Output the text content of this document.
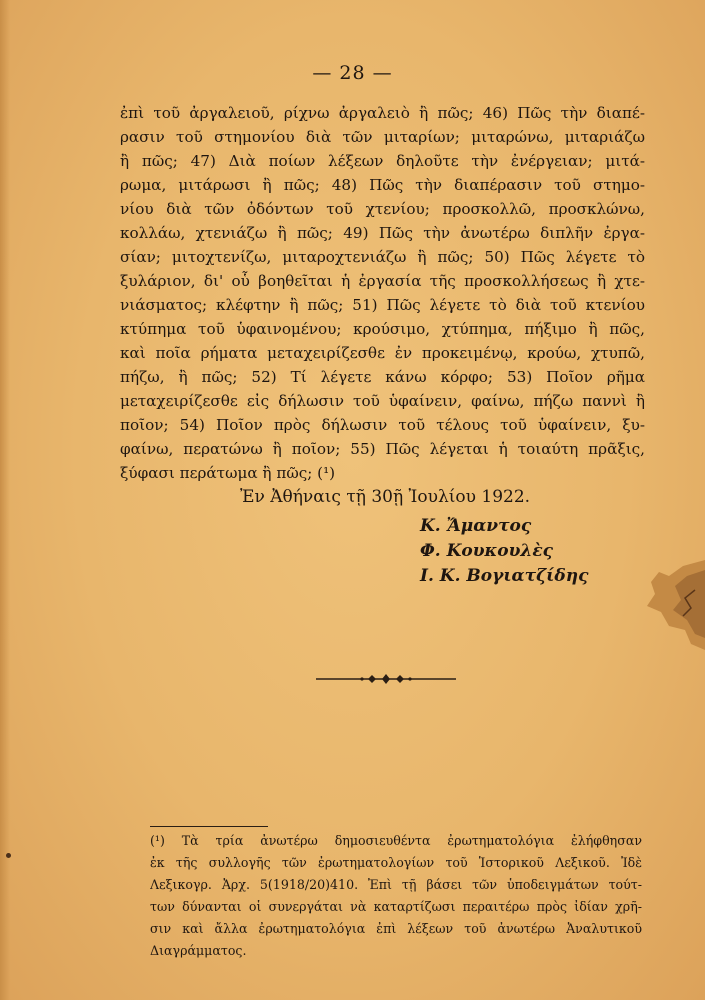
— 28 —
ἐπὶ τοῦ ἀργαλειοῦ, ρίχνω ἀργαλειὸ ἢ πῶς; 46) Πῶς τὴν διαπέ-
ρασιν τοῦ στημονίου διὰ τῶν μιταρίων; μιταρώνω, μιταριάζω
ἢ πῶς; 47) Διὰ ποίων λέξεων δηλοῦτε τὴν ἐνέργειαν; μιτά-
ρωμα, μιτάρωσι ἢ πῶς; 48) Πῶς τὴν διαπέρασιν τοῦ στημο-
νίου διὰ τῶν ὀδόντων τοῦ χτενίου; προσκολλῶ, προσκλώνω,
κολλάω, χτενιάζω ἢ πῶς; 49) Πῶς τὴν ἀνωτέρω διπλῆν ἐργα-
σίαν; μιτοχτενίζω, μιταροχτενιάζω ἢ πῶς; 50) Πῶς λέγετε τὸ
ξυλάριον, δι' οὗ βοηθεῖται ἡ ἐργασία τῆς προσκολλήσεως ἢ χτε-
νιάσματος; κλέφτην ἢ πῶς; 51) Πῶς λέγετε τὸ διὰ τοῦ κτενίου
κτύπημα τοῦ ὑφαινομένου; κρούσιμο, χτύπημα, πήξιμο ἢ πῶς,
καὶ ποῖα ρήματα μεταχειρίζεσθε ἐν προκειμένῳ, κρούω, χτυπῶ,
πήζω, ἢ πῶς; 52) Τί λέγετε κάνω κόρφο; 53) Ποῖον ρῆμα
μεταχειρίζεσθε εἰς δήλωσιν τοῦ ὑφαίνειν, φαίνω, πήζω παννὶ ἢ
ποῖον; 54) Ποῖον πρὸς δήλωσιν τοῦ τέλους τοῦ ὑφαίνειν, ξυ-
φαίνω, περατώνω ἢ ποῖον; 55) Πῶς λέγεται ἡ τοιαύτη πρᾶξις,
ξύφασι περάτωμα ἢ πῶς; (¹)
Ἐν Ἀθήναις τῇ 30ῇ Ἰουλίου 1922.
Κ. Ἄμαντος
Φ. Κουκουλὲς
Ι. Κ. Βογιατζίδης
(¹) Τὰ τρία ἀνωτέρω δημοσιευθέντα ἐρωτηματολόγια ἐλήφθησαν
ἐκ τῆς συλλογῆς τῶν ἐρωτηματολογίων τοῦ Ἱστορικοῦ Λεξικοῦ. Ἰδὲ
Λεξικογρ. Ἀρχ. 5(1918/20)410. Ἐπὶ τῇ βάσει τῶν ὑποδειγμάτων τούτ-
των δύνανται οἱ συνεργάται νὰ καταρτίζωσι περαιτέρω πρὸς ἰδίαν χρῆ-
σιν καὶ ἄλλα ἐρωτηματολόγια ἐπὶ λέξεων τοῦ ἀνωτέρω Ἀναλυτικοῦ
Διαγράμματος.
